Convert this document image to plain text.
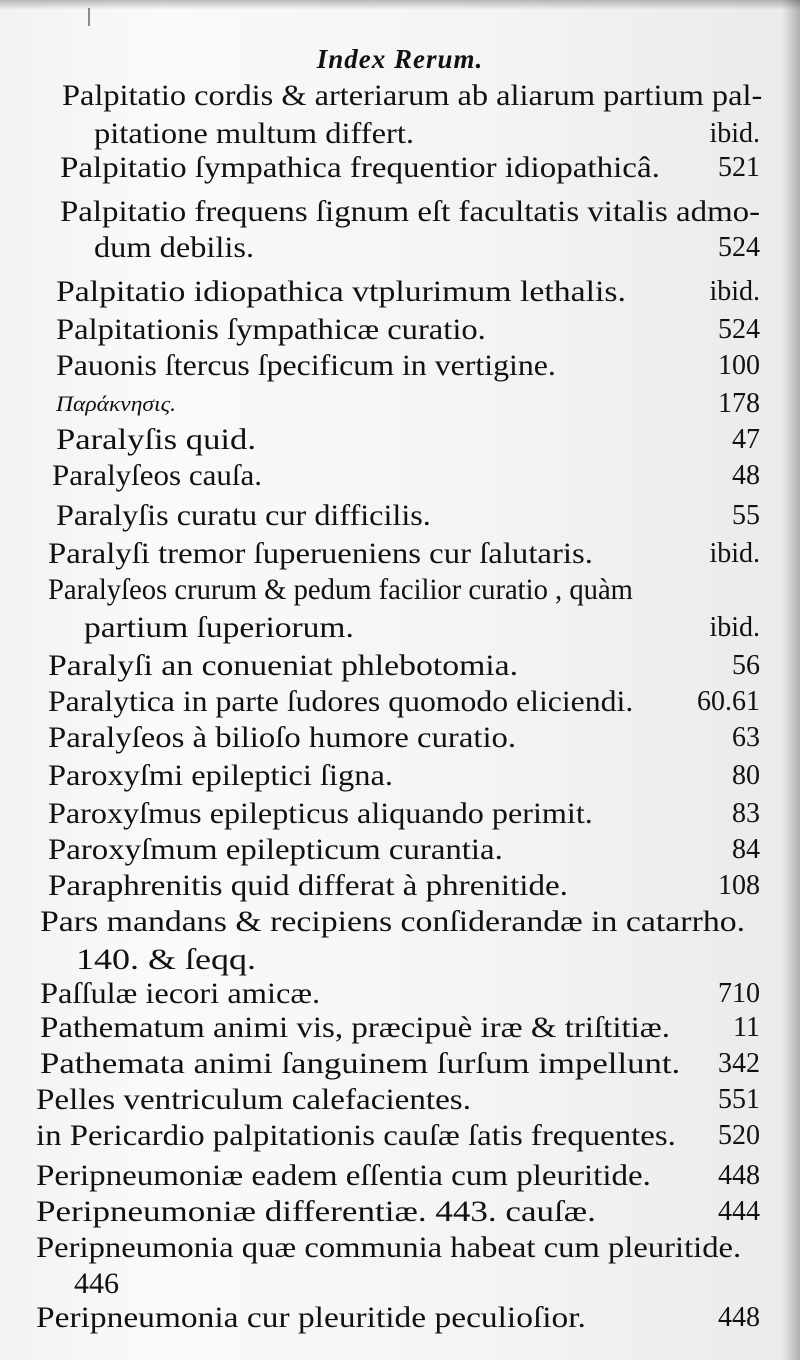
Index Rerum.
Palpitatio cordis & arteriarum ab aliarum partium pal-
pitatione multum differt.	ibid.
Palpitatio ſympathica frequentior idiopathicâ. 521
Palpitatio frequens ſignum eſt facultatis vitalis admo-
dum debilis.	524
Palpitatio idiopathica vtplurimum lethalis.	ibid.
Palpitationis ſympathicæ curatio.	524
Pauonis ſtercus ſpecificum in vertigine.	100
Παράκνησις.	178
Paralyſis quid.	47
Paralyſeos cauſa.	48
Paralyſis curatu cur difficilis.	55
Paralyſi tremor ſuperueniens cur ſalutaris.	ibid.
Paralyſeos crurum & pedum facilior curatio , quàm
partium ſuperiorum.	ibid.
Paralyſi an conueniat phlebotomia.	56
Paralytica in parte ſudores quomodo eliciendi. 60.61
Paralyſeos à bilioſo humore curatio.	63
Paroxyſmi epileptici ſigna.	80
Paroxyſmus epilepticus aliquando perimit.	83
Paroxyſmum epilepticum curantia.	84
Paraphrenitis quid differat à phrenitide.	108
Pars mandans & recipiens conſiderandæ in catarrho.
140. & ſeqq.
Paſſulæ iecori amicæ.	710
Pathematum animi vis, præcipuè iræ & triſtitiæ. 11
Pathemata animi ſanguinem ſurſum impellunt. 342
Pelles ventriculum calefacientes.	551
in Pericardio palpitationis cauſæ ſatis frequentes. 520
Peripneumoniæ eadem eſſentia cum pleuritide. 448
Peripneumoniæ differentiæ. 443. cauſæ.	444
Peripneumonia quæ communia habeat cum pleuritide.
446
Peripneumonia cur pleuritide peculioſior.	448
